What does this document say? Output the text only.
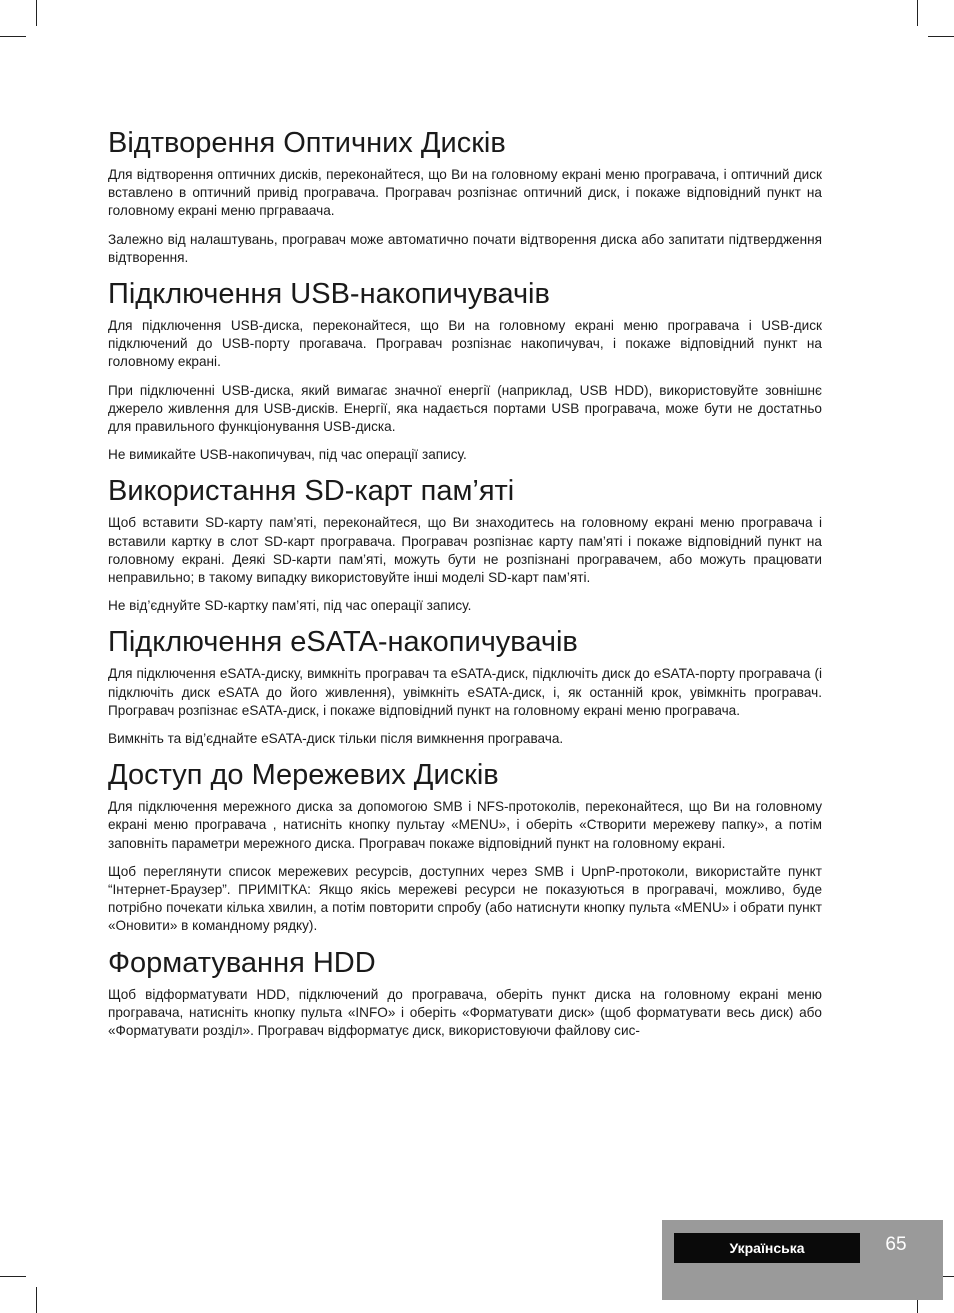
Відтворення Оптичних Дисків

Для відтворення оптичних дисків, переконайтеся, що Ви на головному екрані меню програвача, і оптичний диск вставлено в оптичний привід програвача. Програвач розпізнає оптичний диск, і покаже відповідний пункт на головному екрані меню прграваача.

Залежно від налаштувань, програвач може автоматично почати відтворення диска або запитати підтвердження відтворення.

Підключення USB-накопичувачів

Для підключення USB-диска, переконайтеся, що Ви на головному екрані меню програвача і USB-диск підключений до USB-порту прогавача. Програвач розпізнає накопичувач, і покаже відповідний пункт на головному екрані.

При підключенні USB-диска, який вимагає значної енергії (наприклад, USB HDD), використовуйте зовнішнє джерело живлення для USB-дисків. Енергії, яка надається портами USB програвача, може бути не достатньо для правильного функціонування USB-диска.

Не вимикайте USB-накопичувач, під час операції запису.

Використання SD-карт пам’яті

Щоб вставити SD-карту пам’яті, переконайтеся, що Ви знаходитесь на головному екрані меню програвача і вставили картку в слот SD-карт програвача. Програвач розпізнає карту пам’яті і покаже відповідний пункт на головному екрані. Деякі SD-карти пам’яті, можуть бути не розпізнані програвачем, або можуть працювати неправильно; в такому випадку використовуйте інші моделі SD-карт пам’яті.

Не від’єднуйте SD-картку пам’яті, під час операції запису.

Підключення eSATA-накопичувачів

Для підключення eSATA-диску, вимкніть програвач та eSATA-диск, підключіть диск до eSATA-порту програвача (і підключіть диск eSATA до його живлення), увімкніть eSATA-диск, і, як останній крок, увімкніть програвач. Програвач розпізнає eSATA-диск, і покаже відповідний пункт на головному екрані меню програвача.

Вимкніть та від’єднайте eSATA-диск тільки після вимкнення програвача.

Доступ до Мережевих Дисків

Для підключення мережного диска за допомогою SMB і NFS-протоколів, переконайтеся, що Ви на головному екрані меню програвача , натисніть кнопку пультау «MENU», і оберіть «Створити мережеву папку», а потім заповніть параметри мережного диска. Програвач покаже відповідний пункт на головному екрані.

Щоб переглянути список мережевих ресурсів, доступних через SMB і UpnP-протоколи, використайте пункт “Інтернет-Браузер”. ПРИМІТКА: Якщо якісь мережеві ресурси не показуються в програвачі, можливо, буде потрібно почекати кілька хвилин, а потім повторити спробу (або натиснути кнопку пульта «MENU» і обрати пункт «Оновити» в командному рядку).

Форматування HDD

Щоб відформатувати HDD, підключений до програвача, оберіть пункт диска на головному екрані меню програвача, натисніть кнопку пульта «INFO» і оберіть «Форматувати диск» (щоб форматувати весь диск) або «Форматувати розділ». Програвач відформатує диск, використовуючи файлову сис-

Українська	65
